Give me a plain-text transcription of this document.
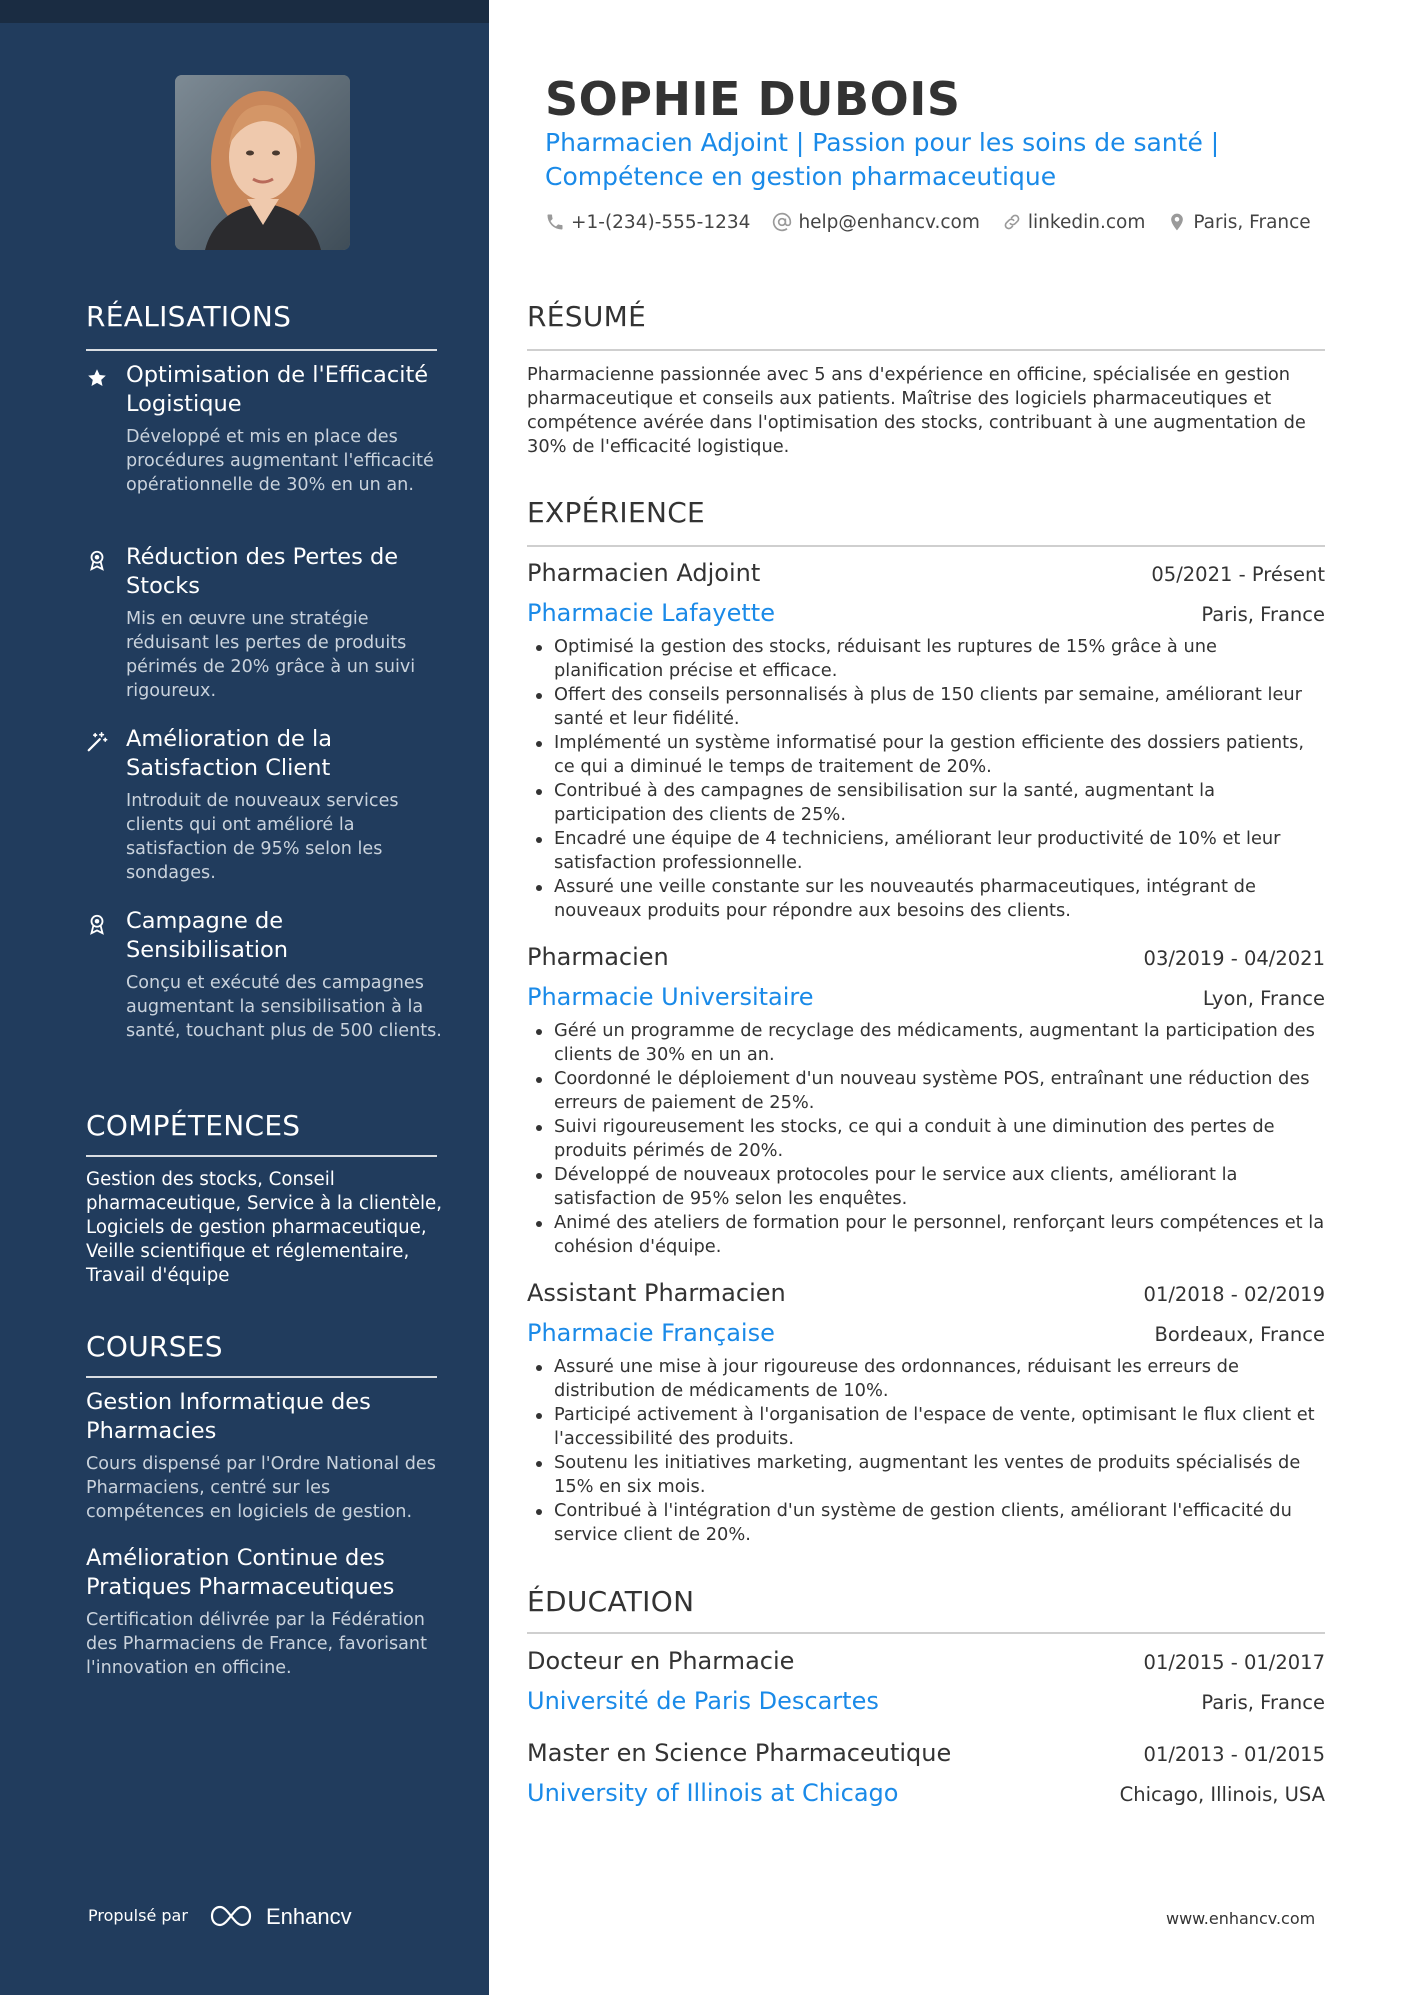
RÉALISATIONS
Optimisation de l'Efficacité Logistique
Développé et mis en place des procédures augmentant l'efficacité opérationnelle de 30% en un an.
Réduction des Pertes de Stocks
Mis en œuvre une stratégie réduisant les pertes de produits périmés de 20% grâce à un suivi rigoureux.
Amélioration de la Satisfaction Client
Introduit de nouveaux services clients qui ont amélioré la satisfaction de 95% selon les sondages.
Campagne de Sensibilisation
Conçu et exécuté des campagnes augmentant la sensibilisation à la santé, touchant plus de 500 clients.
COMPÉTENCES
Gestion des stocks, Conseil pharmaceutique, Service à la clientèle, Logiciels de gestion pharmaceutique, Veille scientifique et réglementaire, Travail d'équipe
COURSES
Gestion Informatique des Pharmacies
Cours dispensé par l'Ordre National des Pharmaciens, centré sur les compétences en logiciels de gestion.
Amélioration Continue des Pratiques Pharmaceutiques
Certification délivrée par la Fédération des Pharmaciens de France, favorisant l'innovation en officine.
Propulsé par	Enhancv
SOPHIE DUBOIS
Pharmacien Adjoint | Passion pour les soins de santé |
Compétence en gestion pharmaceutique
+1-(234)-555-1234	help@enhancv.com	linkedin.com	Paris, France
RÉSUMÉ
Pharmacienne passionnée avec 5 ans d'expérience en officine, spécialisée en gestion pharmaceutique et conseils aux patients. Maîtrise des logiciels pharmaceutiques et compétence avérée dans l'optimisation des stocks, contribuant à une augmentation de 30% de l'efficacité logistique.
EXPÉRIENCE
Pharmacien Adjoint	05/2021 - Présent
Pharmacie Lafayette	Paris, France
Optimisé la gestion des stocks, réduisant les ruptures de 15% grâce à une planification précise et efficace.
Offert des conseils personnalisés à plus de 150 clients par semaine, améliorant leur santé et leur fidélité.
Implémenté un système informatisé pour la gestion efficiente des dossiers patients, ce qui a diminué le temps de traitement de 20%.
Contribué à des campagnes de sensibilisation sur la santé, augmentant la participation des clients de 25%.
Encadré une équipe de 4 techniciens, améliorant leur productivité de 10% et leur satisfaction professionnelle.
Assuré une veille constante sur les nouveautés pharmaceutiques, intégrant de nouveaux produits pour répondre aux besoins des clients.
Pharmacien	03/2019 - 04/2021
Pharmacie Universitaire	Lyon, France
Géré un programme de recyclage des médicaments, augmentant la participation des clients de 30% en un an.
Coordonné le déploiement d'un nouveau système POS, entraînant une réduction des erreurs de paiement de 25%.
Suivi rigoureusement les stocks, ce qui a conduit à une diminution des pertes de produits périmés de 20%.
Développé de nouveaux protocoles pour le service aux clients, améliorant la satisfaction de 95% selon les enquêtes.
Animé des ateliers de formation pour le personnel, renforçant leurs compétences et la cohésion d'équipe.
Assistant Pharmacien	01/2018 - 02/2019
Pharmacie Française	Bordeaux, France
Assuré une mise à jour rigoureuse des ordonnances, réduisant les erreurs de distribution de médicaments de 10%.
Participé activement à l'organisation de l'espace de vente, optimisant le flux client et l'accessibilité des produits.
Soutenu les initiatives marketing, augmentant les ventes de produits spécialisés de 15% en six mois.
Contribué à l'intégration d'un système de gestion clients, améliorant l'efficacité du service client de 20%.
ÉDUCATION
Docteur en Pharmacie	01/2015 - 01/2017
Université de Paris Descartes	Paris, France
Master en Science Pharmaceutique	01/2013 - 01/2015
University of Illinois at Chicago	Chicago, Illinois, USA
www.enhancv.com
